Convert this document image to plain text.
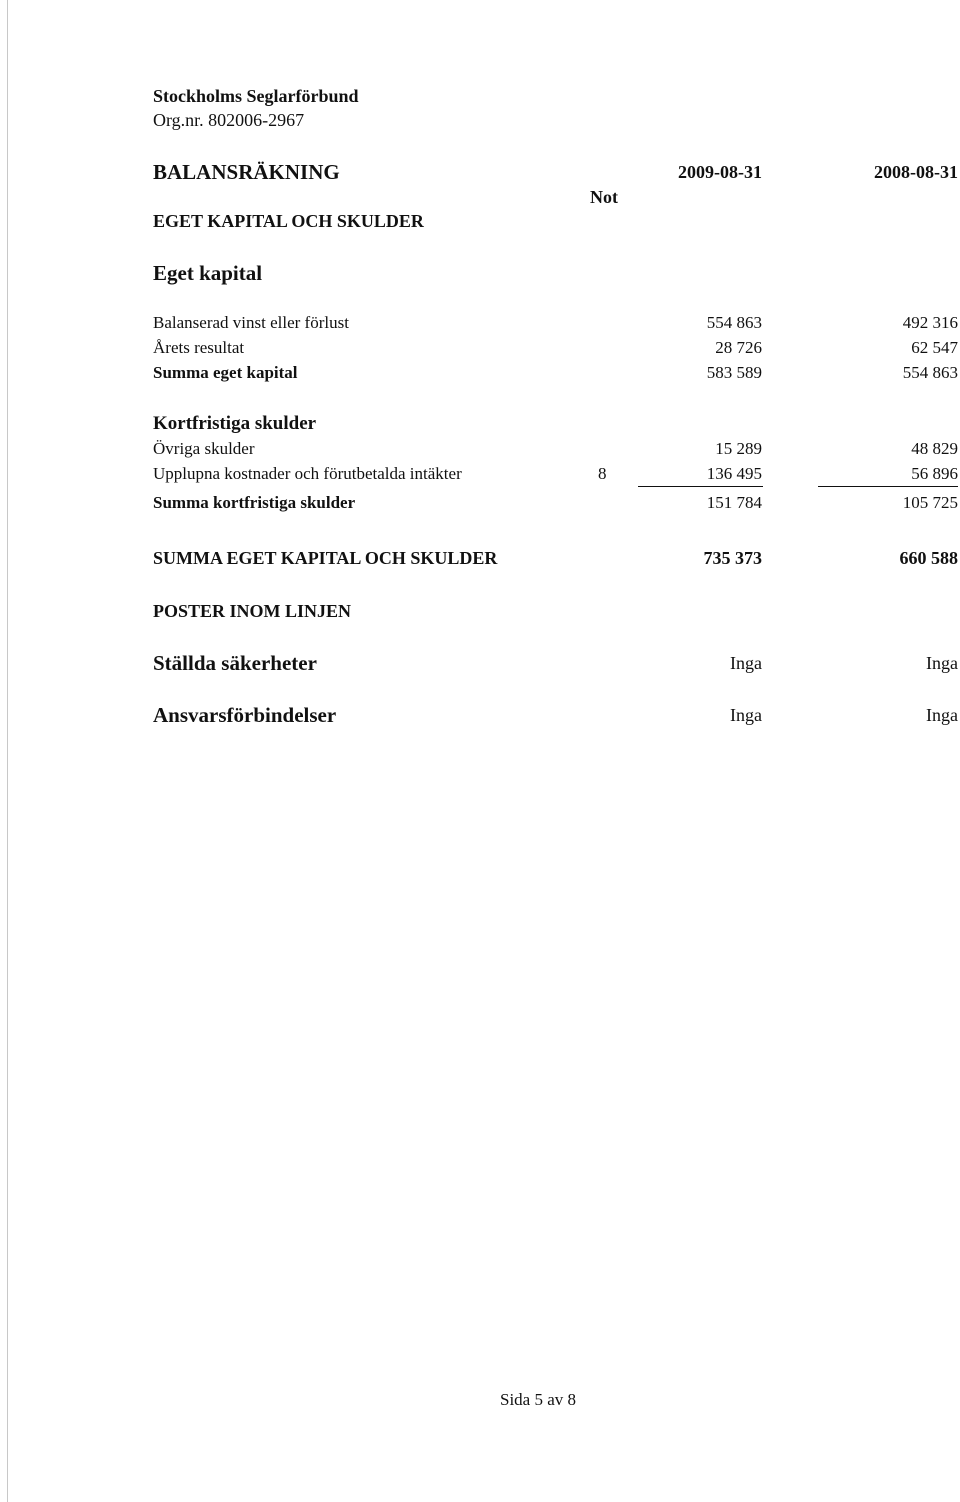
Stockholms Seglarförbund
Org.nr. 802006-2967
BALANSRÄKNING	2009-08-31	2008-08-31
Not
EGET KAPITAL OCH SKULDER
Eget kapital
Balanserad vinst eller förlust	554 863	492 316
Årets resultat	28 726	62 547
Summa eget kapital	583 589	554 863
Kortfristiga skulder
Övriga skulder	15 289	48 829
Upplupna kostnader och förutbetalda intäkter	8	136 495	56 896
Summa kortfristiga skulder	151 784	105 725
SUMMA EGET KAPITAL OCH SKULDER	735 373	660 588
POSTER INOM LINJEN
Ställda säkerheter	Inga	Inga
Ansvarsförbindelser	Inga	Inga
Sida 5 av 8
